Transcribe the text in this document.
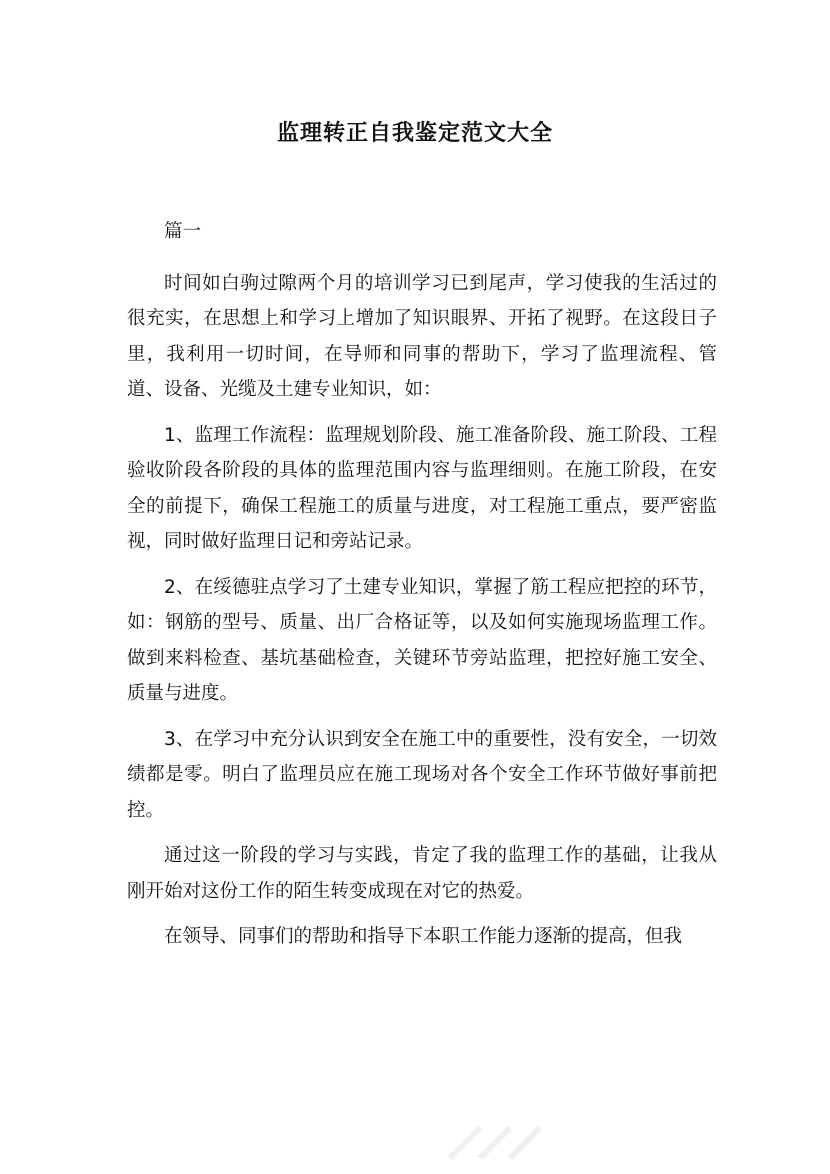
监理转正自我鉴定范文大全

篇一

时间如白驹过隙两个月的培训学习已到尾声，学习使我的生活过的很充实，在思想上和学习上增加了知识眼界、开拓了视野。在这段日子里，我利用一切时间，在导师和同事的帮助下，学习了监理流程、管道、设备、光缆及土建专业知识，如：

1、监理工作流程：监理规划阶段、施工准备阶段、施工阶段、工程验收阶段各阶段的具体的监理范围内容与监理细则。在施工阶段，在安全的前提下，确保工程施工的质量与进度，对工程施工重点，要严密监视，同时做好监理日记和旁站记录。

2、在绥德驻点学习了土建专业知识，掌握了筋工程应把控的环节，如：钢筋的型号、质量、出厂合格证等，以及如何实施现场监理工作。做到来料检查、基坑基础检查，关键环节旁站监理，把控好施工安全、质量与进度。

3、在学习中充分认识到安全在施工中的重要性，没有安全，一切效绩都是零。明白了监理员应在施工现场对各个安全工作环节做好事前把控。

通过这一阶段的学习与实践，肯定了我的监理工作的基础，让我从刚开始对这份工作的陌生转变成现在对它的热爱。

在领导、同事们的帮助和指导下本职工作能力逐渐的提高，但我
